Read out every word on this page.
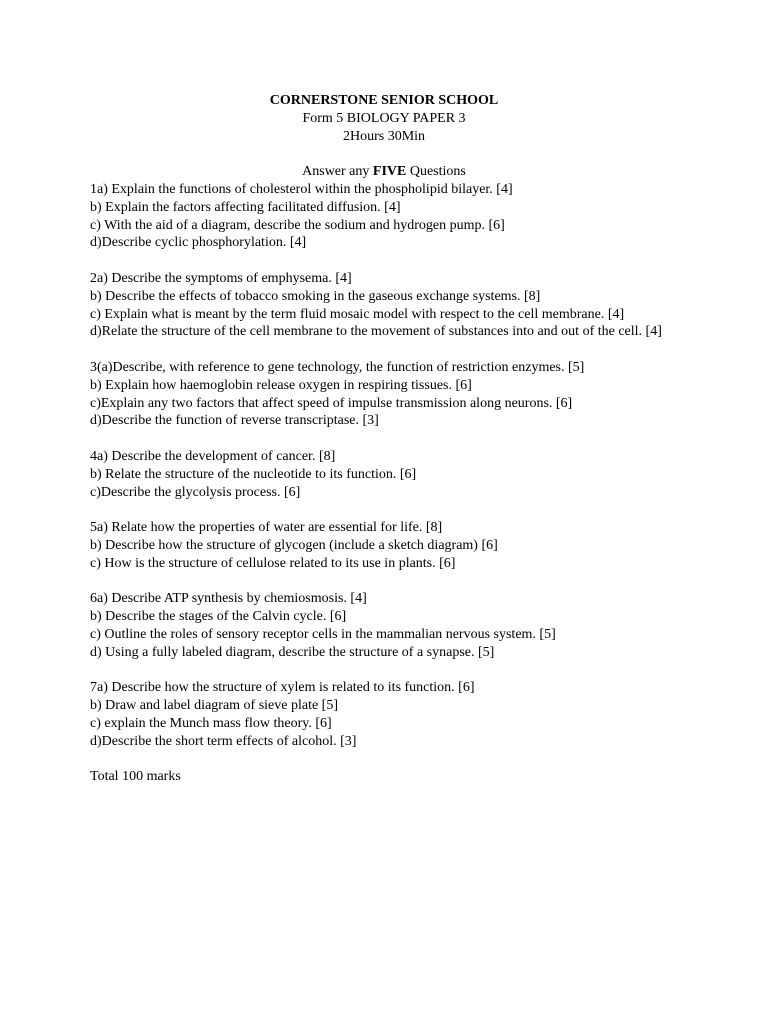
CORNERSTONE SENIOR SCHOOL
Form 5 BIOLOGY PAPER 3
2Hours 30Min
Answer any FIVE Questions
1a) Explain the functions of cholesterol within the phospholipid bilayer. [4]
b) Explain the factors affecting facilitated diffusion. [4]
c) With the aid of a diagram, describe the sodium and hydrogen pump. [6]
d)Describe cyclic phosphorylation. [4]
2a) Describe the symptoms of emphysema. [4]
b) Describe the effects of tobacco smoking in the gaseous exchange systems. [8]
c) Explain what is meant by the term fluid mosaic model with respect to the cell membrane. [4]
d)Relate the structure of the cell membrane to the movement of substances into and out of the cell. [4]
3(a)Describe, with reference to gene technology, the function of restriction enzymes. [5]
b) Explain how haemoglobin release oxygen in respiring tissues. [6]
c)Explain any two factors that affect speed of impulse transmission along neurons. [6]
d)Describe the function of reverse transcriptase. [3]
4a) Describe the development of cancer. [8]
b) Relate the structure of the nucleotide to its function. [6]
c)Describe the glycolysis process. [6]
5a) Relate how the properties of water are essential for life. [8]
b) Describe how the structure of glycogen (include a sketch diagram) [6]
c) How is the structure of cellulose related to its use in plants. [6]
6a) Describe ATP synthesis by chemiosmosis. [4]
b) Describe the stages of the Calvin cycle. [6]
c) Outline the roles of sensory receptor cells in the mammalian nervous system. [5]
d) Using a fully labeled diagram, describe the structure of a synapse. [5]
7a) Describe how the structure of xylem is related to its function. [6]
b) Draw and label diagram of sieve plate [5]
c) explain the Munch mass flow theory. [6]
d)Describe the short term effects of alcohol. [3]
Total 100 marks
